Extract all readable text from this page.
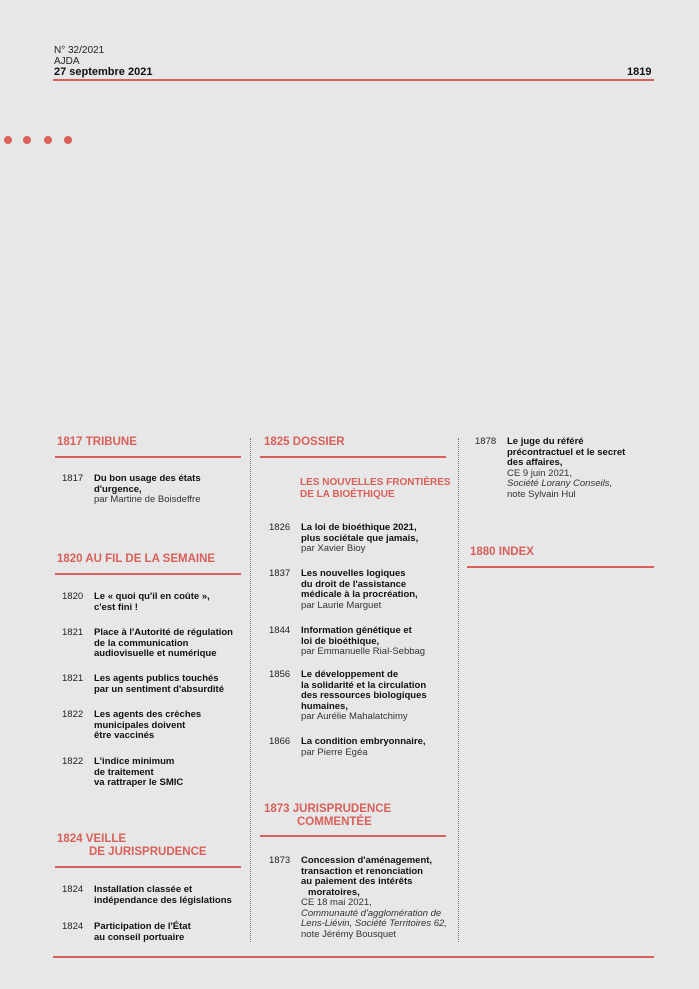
N° 32/2021
AJDA
27 septembre 2021	1819
1817 TRIBUNE
1817 Du bon usage des états
d'urgence,
par Martine de Boisdeffre
1820 AU FIL DE LA SEMAINE
1820 Le « quoi qu'il en coûte »,
c'est fini !
1821 Place à l'Autorité de régulation
de la communication
audiovisuelle et numérique
1821 Les agents publics touchés
par un sentiment d'absurdité
1822 Les agents des crèches
municipales doivent
être vaccinés
1822 L'indice minimum
de traitement
va rattraper le SMIC
1824 VEILLE
DE JURISPRUDENCE
1824 Installation classée et
indépendance des législations
1824 Participation de l'État
au conseil portuaire
1825 DOSSIER
LES NOUVELLES FRONTIÈRES
DE LA BIOÉTHIQUE
1826 La loi de bioéthique 2021,
plus sociétale que jamais,
par Xavier Bioy
1837 Les nouvelles logiques
du droit de l'assistance
médicale à la procréation,
par Laurie Marguet
1844 Information génétique et
loi de bioéthique,
par Emmanuelle Rial-Sebbag
1856 Le développement de
la solidarité et la circulation
des ressources biologiques
humaines,
par Aurélie Mahalatchimy
1866 La condition embryonnaire,
par Pierre Egéa
1873 JURISPRUDENCE
COMMENTÉE
1873 Concession d'aménagement,
transaction et renonciation
au paiement des intérêts
moratoires,
CE 18 mai 2021,
Communauté d'agglomération de
Lens-Liévin, Société Territoires 62,
note Jérémy Bousquet
1878 Le juge du référé
précontractuel et le secret
des affaires,
CE 9 juin 2021,
Société Lorany Conseils,
note Sylvain Hul
1880 INDEX
